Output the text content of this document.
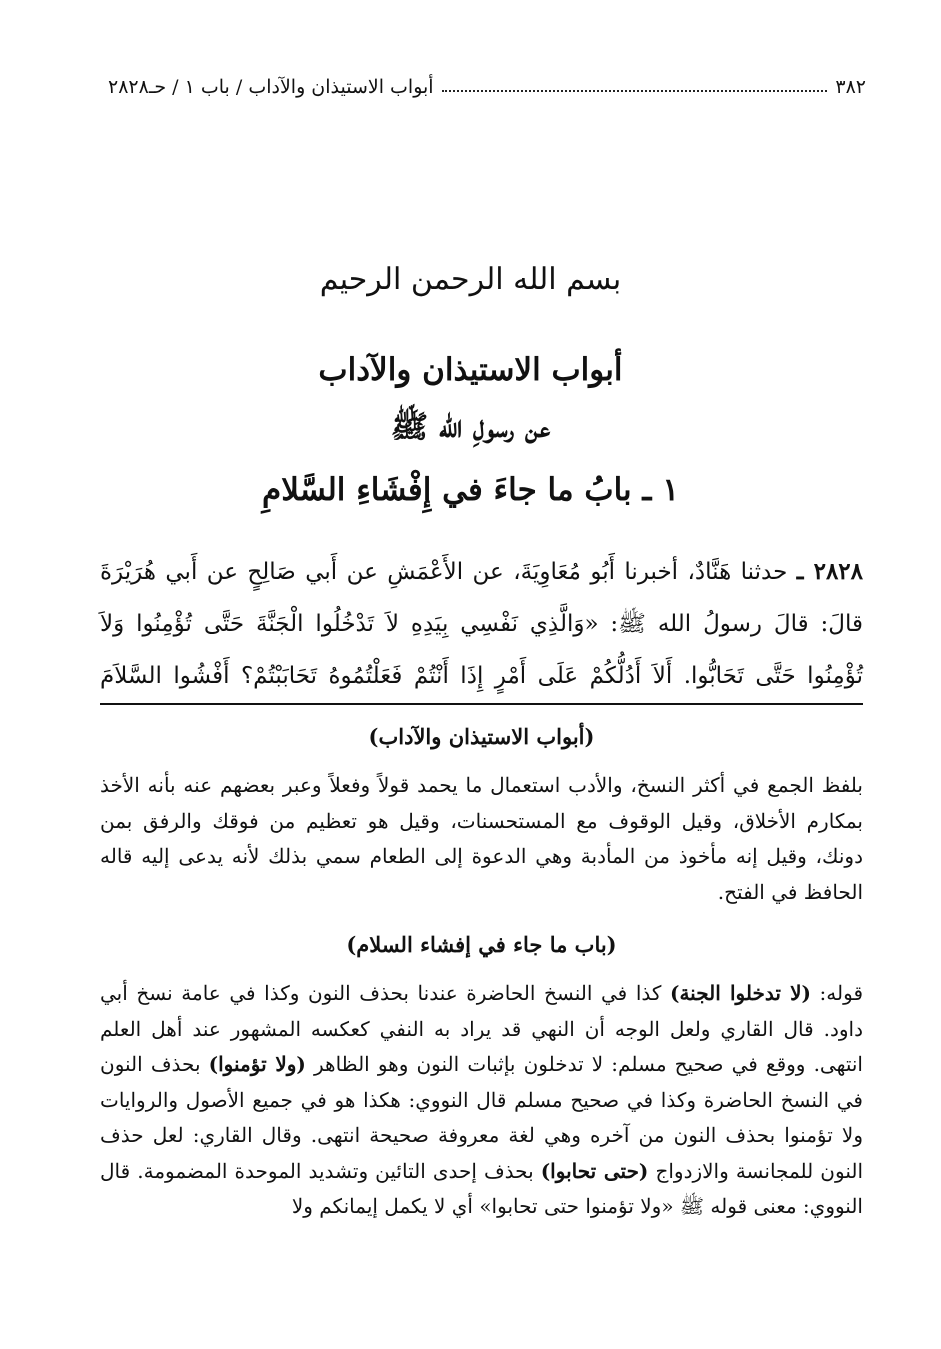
٣٨٢
أبواب الاستيذان والآداب / باب ١ / حـ٢٨٢٨
بسم الله الرحمن الرحيم
أبواب الاستيذان والآداب
عن رسولِ الله ﷺ
١ ـ بابُ ما جاءَ في إِفْشَاءِ السَّلامِ
٢٨٢٨ ـ حدثنا هَنَّادٌ، أخبرنا أَبُو مُعَاوِيَةَ، عن الأَعْمَشِ عن أَبي صَالِحٍ عن أَبي هُرَيْرَةَ قالَ: قالَ رسولُ الله ﷺ: «وَالَّذِي نَفْسِي بِيَدِهِ لاَ تَدْخُلُوا الْجَنَّةَ حَتَّى تُؤْمِنُوا وَلاَ تُؤْمِنُوا حَتَّى تَحَابُّوا. أَلاَ أَدُلُّكُمْ عَلَى أَمْرٍ إِذَا أَنْتُمْ فَعَلْتُمُوهُ تَحَابَبْتُمْ؟ أَفْشُوا السَّلاَمَ
(أبواب الاستيذان والآداب)
بلفظ الجمع في أكثر النسخ، والأدب استعمال ما يحمد قولاً وفعلاً وعبر بعضهم عنه بأنه الأخذ بمكارم الأخلاق، وقيل الوقوف مع المستحسنات، وقيل هو تعظيم من فوقك والرفق بمن دونك، وقيل إنه مأخوذ من المأدبة وهي الدعوة إلى الطعام سمي بذلك لأنه يدعى إليه قاله الحافظ في الفتح.
(باب ما جاء في إفشاء السلام)
قوله: (لا تدخلوا الجنة) كذا في النسخ الحاضرة عندنا بحذف النون وكذا في عامة نسخ أبي داود. قال القاري ولعل الوجه أن النهي قد يراد به النفي كعكسه المشهور عند أهل العلم انتهى. ووقع في صحيح مسلم: لا تدخلون بإثبات النون وهو الظاهر (ولا تؤمنوا) بحذف النون في النسخ الحاضرة وكذا في صحيح مسلم قال النووي: هكذا هو في جميع الأصول والروايات ولا تؤمنوا بحذف النون من آخره وهي لغة معروفة صحيحة انتهى. وقال القاري: لعل حذف النون للمجانسة والازدواج (حتى تحابوا) بحذف إحدى التائين وتشديد الموحدة المضمومة. قال النووي: معنى قوله ﷺ «ولا تؤمنوا حتى تحابوا» أي لا يكمل إيمانكم ولا
